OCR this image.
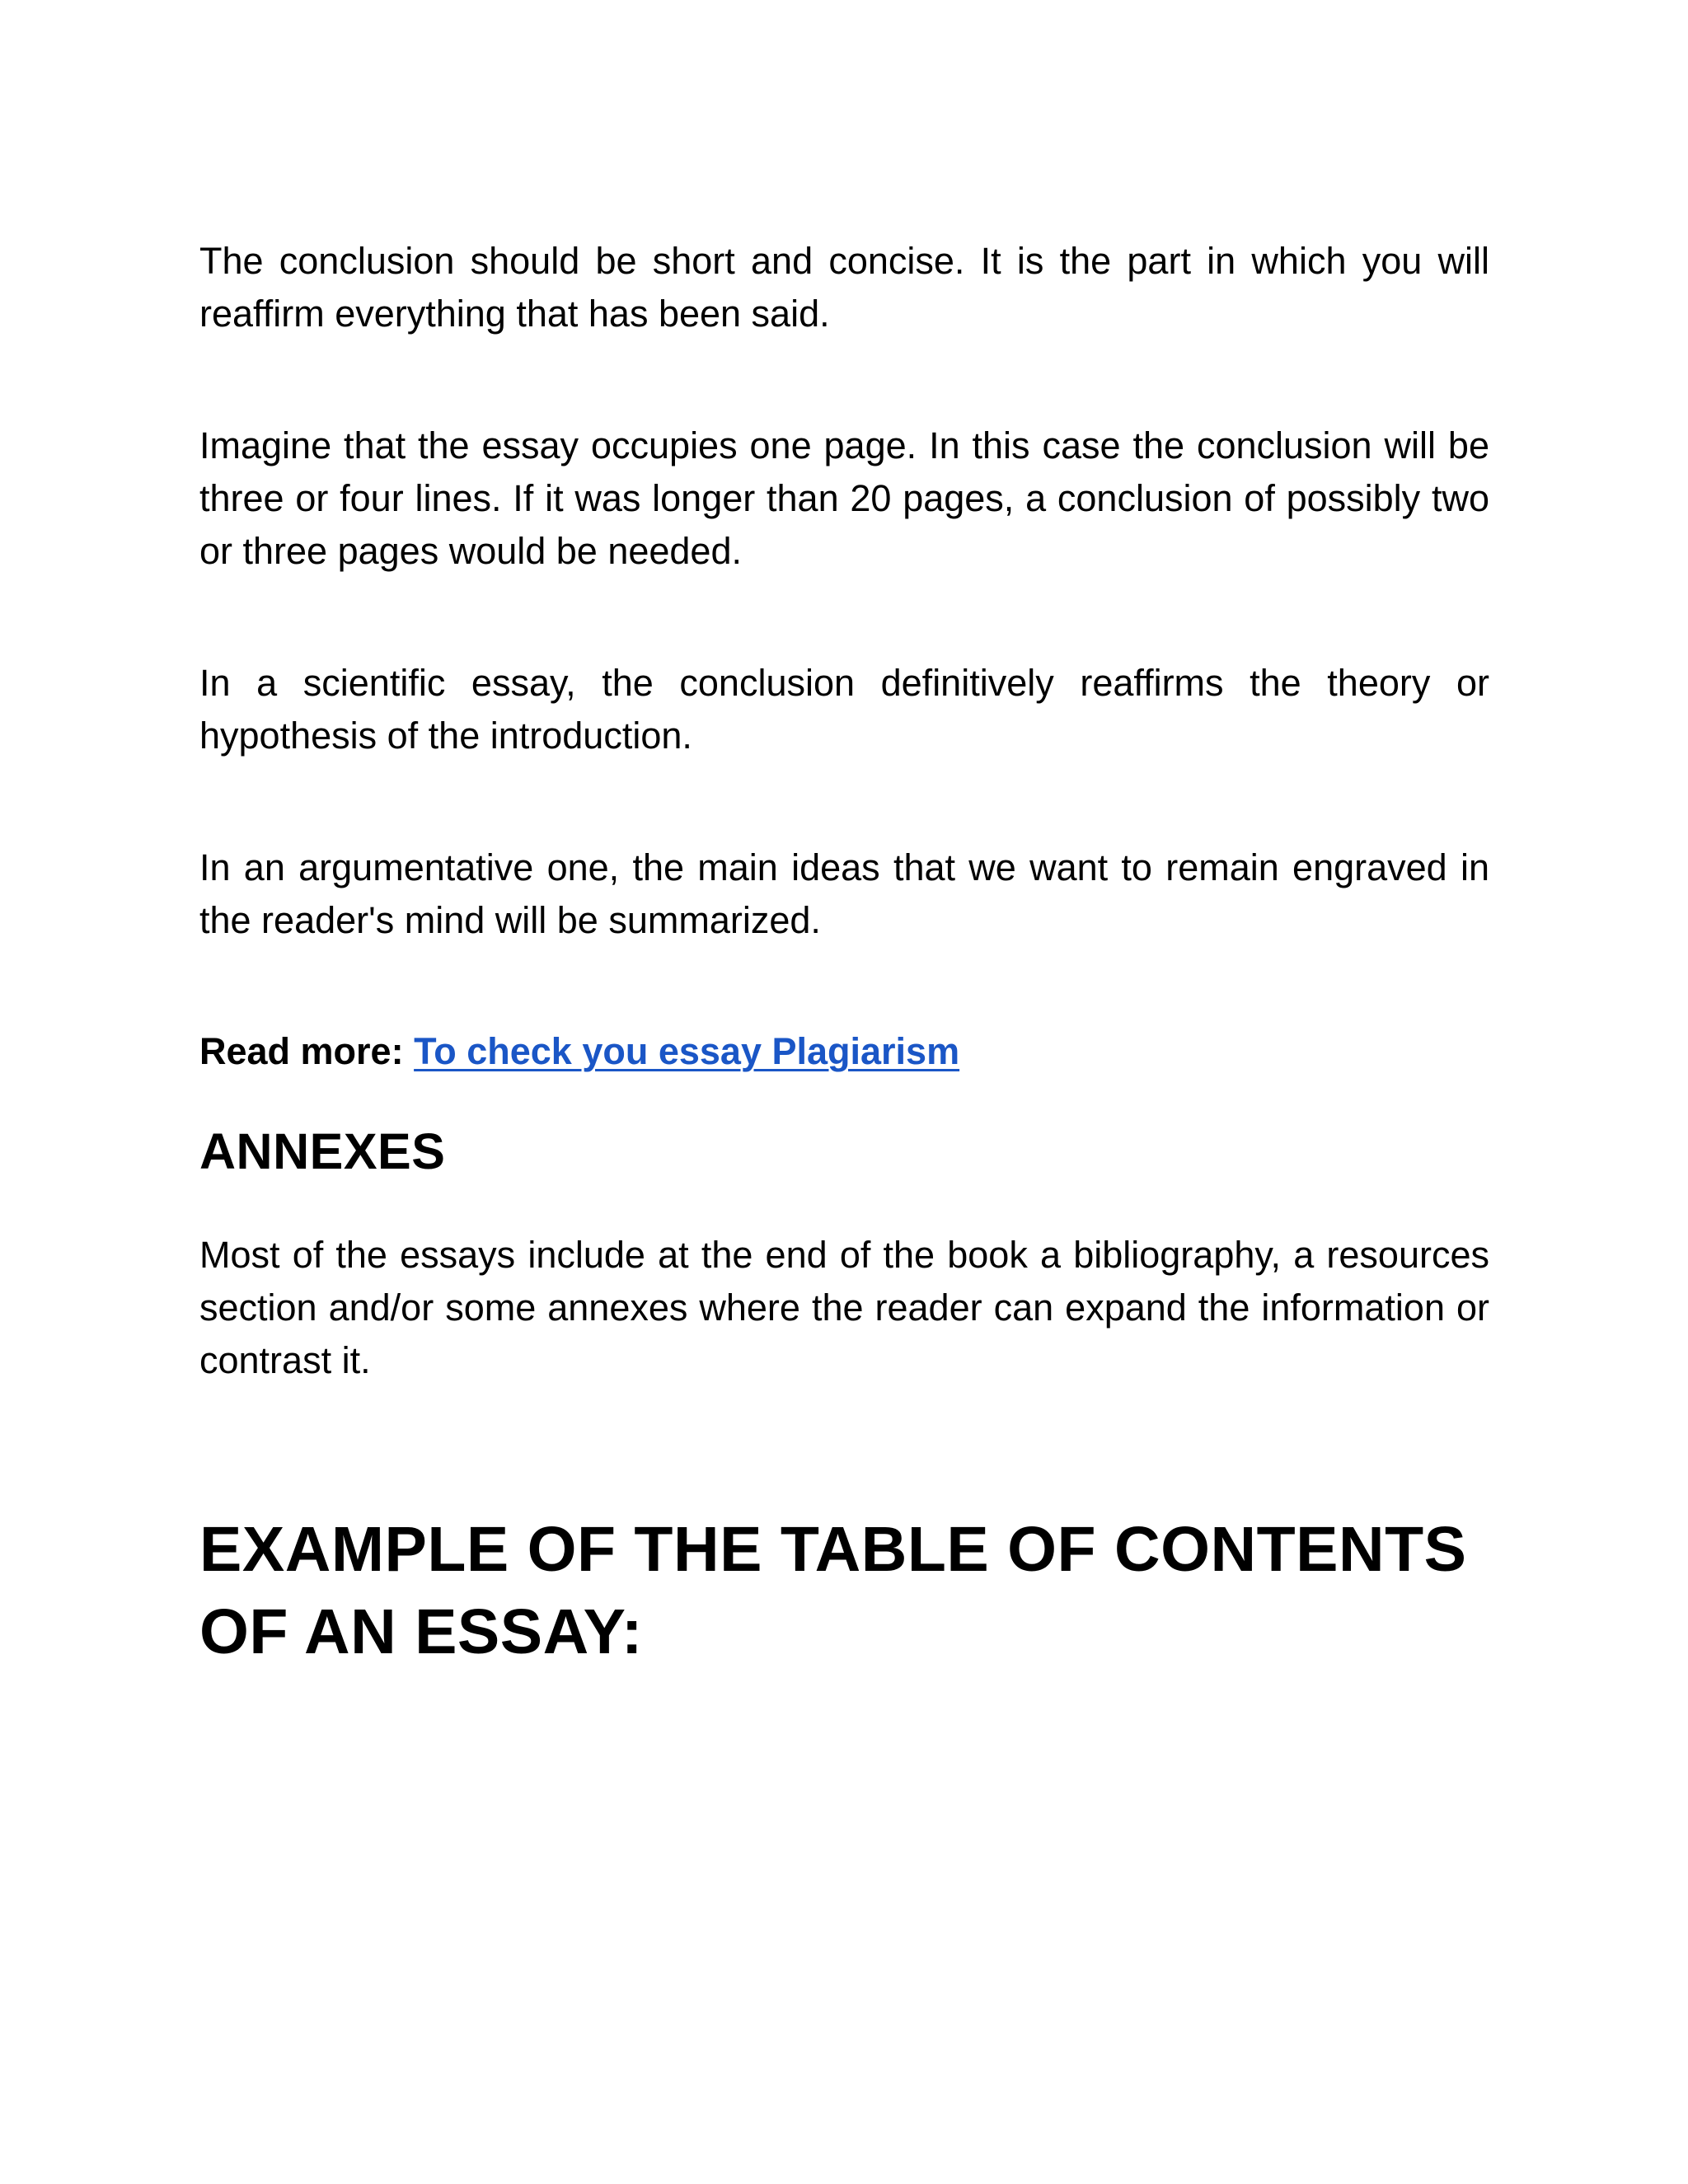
The conclusion should be short and concise. It is the part in which you will reaffirm everything that has been said.

Imagine that the essay occupies one page. In this case the conclusion will be three or four lines. If it was longer than 20 pages, a conclusion of possibly two or three pages would be needed.

In a scientific essay, the conclusion definitively reaffirms the theory or hypothesis of the introduction.

In an argumentative one, the main ideas that we want to remain engraved in the reader's mind will be summarized.

Read more: To check you essay Plagiarism

ANNEXES

Most of the essays include at the end of the book a bibliography, a resources section and/or some annexes where the reader can expand the information or contrast it.

EXAMPLE OF THE TABLE OF CONTENTS
OF AN ESSAY:
